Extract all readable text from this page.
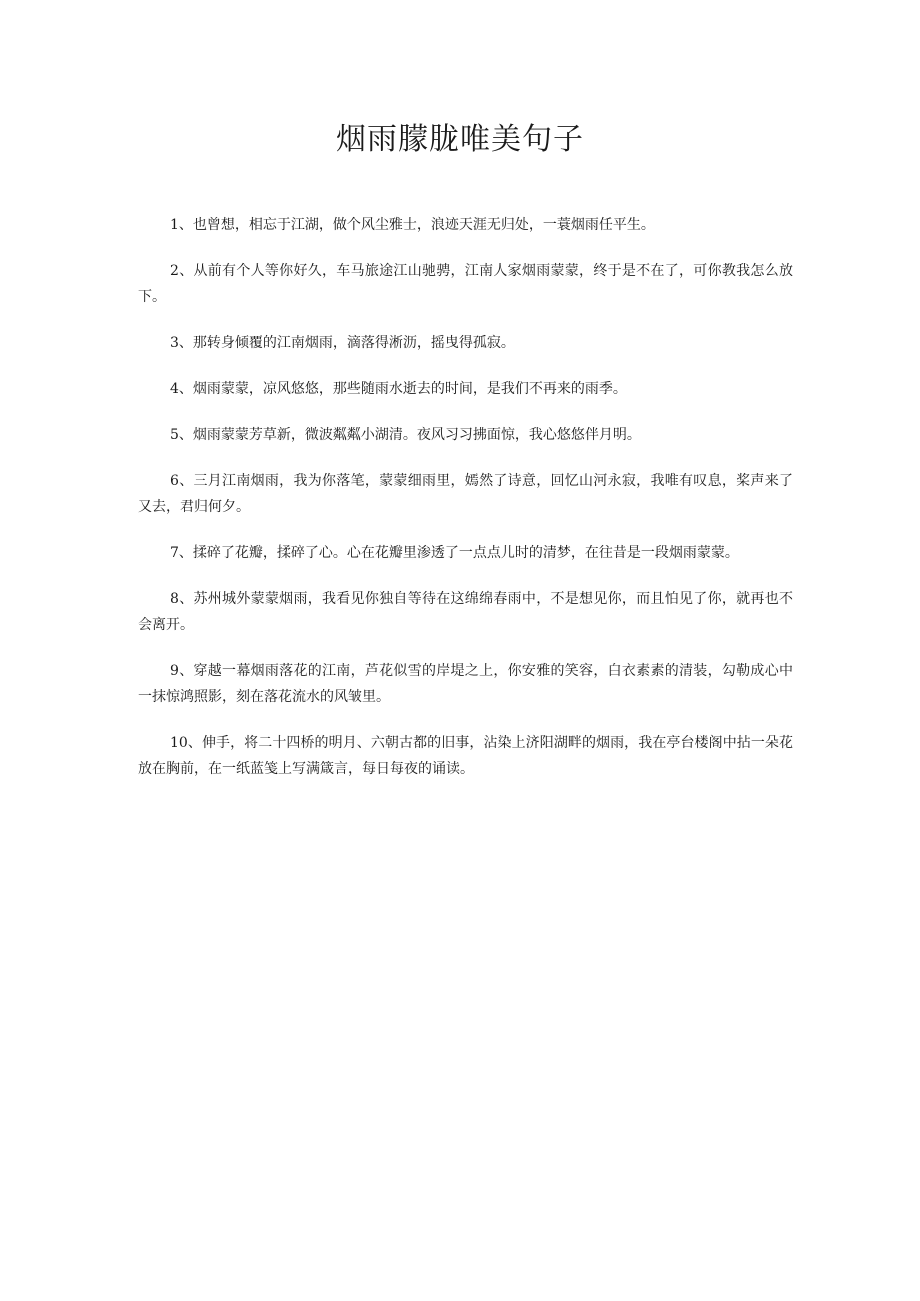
烟雨朦胧唯美句子

1、也曾想，相忘于江湖，做个风尘雅士，浪迹天涯无归处，一蓑烟雨任平生。

2、从前有个人等你好久，车马旅途江山驰骋，江南人家烟雨蒙蒙，终于是不在了，可你教我怎么放下。

3、那转身倾覆的江南烟雨，滴落得淅沥，摇曳得孤寂。

4、烟雨蒙蒙，凉风悠悠，那些随雨水逝去的时间，是我们不再来的雨季。

5、烟雨蒙蒙芳草新，微波粼粼小湖清。夜风习习拂面惊，我心悠悠伴月明。

6、三月江南烟雨，我为你落笔，蒙蒙细雨里，嫣然了诗意，回忆山河永寂，我唯有叹息，桨声来了又去，君归何夕。

7、揉碎了花瓣，揉碎了心。心在花瓣里渗透了一点点儿时的清梦，在往昔是一段烟雨蒙蒙。

8、苏州城外蒙蒙烟雨，我看见你独自等待在这绵绵春雨中，不是想见你，而且怕见了你，就再也不会离开。

9、穿越一幕烟雨落花的江南，芦花似雪的岸堤之上，你安雅的笑容，白衣素素的清装，勾勒成心中一抹惊鸿照影，刻在落花流水的风皱里。

10、伸手，将二十四桥的明月、六朝古都的旧事，沾染上济阳湖畔的烟雨，我在亭台楼阁中拈一朵花放在胸前，在一纸蓝笺上写满箴言，每日每夜的诵读。
